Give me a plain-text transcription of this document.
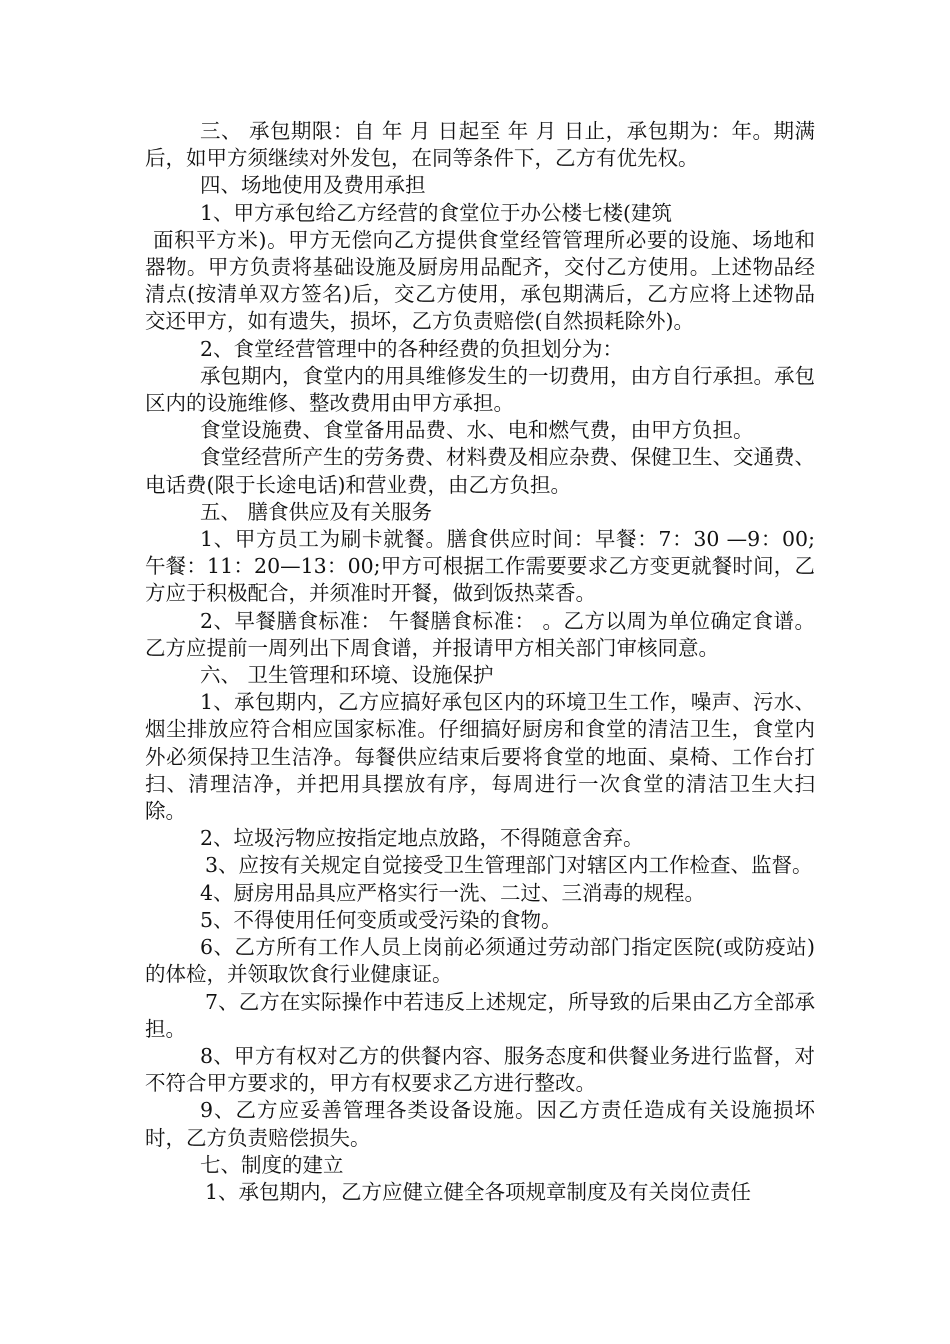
三、 承包期限：自 年 月 日起至 年 月 日止，承包期为：年。期满后，如甲方须继续对外发包，在同等条件下，乙方有优先权。

四、场地使用及费用承担

1、甲方承包给乙方经营的食堂位于办公楼七楼(建筑

面积平方米)。甲方无偿向乙方提供食堂经管管理所必要的设施、场地和器物。甲方负责将基础设施及厨房用品配齐，交付乙方使用。上述物品经清点(按清单双方签名)后，交乙方使用，承包期满后，乙方应将上述物品交还甲方，如有遗失，损坏，乙方负责赔偿(自然损耗除外)。

2、食堂经营管理中的各种经费的负担划分为：

承包期内，食堂内的用具维修发生的一切费用，由方自行承担。承包区内的设施维修、整改费用由甲方承担。

食堂设施费、食堂备用品费、水、电和燃气费，由甲方负担。

食堂经营所产生的劳务费、材料费及相应杂费、保健卫生、交通费、电话费(限于长途电话)和营业费，由乙方负担。

五、 膳食供应及有关服务

1、甲方员工为刷卡就餐。膳食供应时间：早餐：7：30 —9：00;午餐：11：20—13：00;甲方可根据工作需要要求乙方变更就餐时间，乙方应于积极配合，并须准时开餐，做到饭热菜香。

2、早餐膳食标准： 午餐膳食标准： 。乙方以周为单位确定食谱。乙方应提前一周列出下周食谱，并报请甲方相关部门审核同意。

六、 卫生管理和环境、设施保护

1、承包期内，乙方应搞好承包区内的环境卫生工作，噪声、污水、烟尘排放应符合相应国家标准。仔细搞好厨房和食堂的清洁卫生，食堂内外必须保持卫生洁净。每餐供应结束后要将食堂的地面、桌椅、工作台打扫、清理洁净，并把用具摆放有序，每周进行一次食堂的清洁卫生大扫除。

2、垃圾污物应按指定地点放路，不得随意舍弃。

3、应按有关规定自觉接受卫生管理部门对辖区内工作检查、监督。

4、厨房用品具应严格实行一洗、二过、三消毒的规程。

5、不得使用任何变质或受污染的食物。

6、乙方所有工作人员上岗前必须通过劳动部门指定医院(或防疫站)的体检，并领取饮食行业健康证。

7、乙方在实际操作中若违反上述规定，所导致的后果由乙方全部承担。

8、甲方有权对乙方的供餐内容、服务态度和供餐业务进行监督，对不符合甲方要求的，甲方有权要求乙方进行整改。

9、乙方应妥善管理各类设备设施。因乙方责任造成有关设施损坏时，乙方负责赔偿损失。

七、制度的建立

1、承包期内，乙方应健立健全各项规章制度及有关岗位责任
